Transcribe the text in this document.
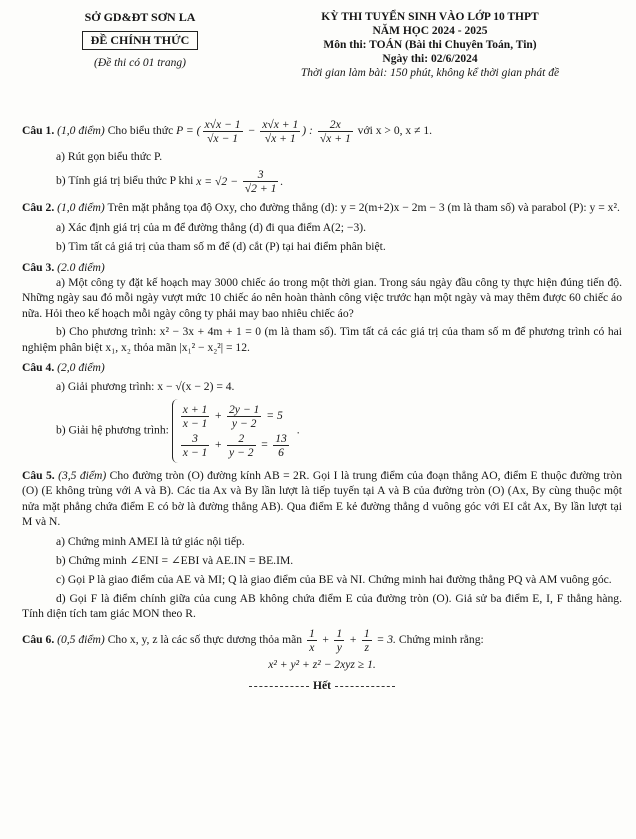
SỞ GD&ĐT SƠN LA
ĐỀ CHÍNH THỨC
(Đề thi có 01 trang)
KỲ THI TUYỂN SINH VÀO LỚP 10 THPT
NĂM HỌC 2024 - 2025
Môn thi: TOÁN (Bài thi Chuyên Toán, Tin)
Ngày thi: 02/6/2024
Thời gian làm bài: 150 phút, không kể thời gian phát đề
Câu 1. (1,0 điểm) Cho biểu thức P = ( $\frac{x√x - 1}{√x - 1} - \frac{x√x + 1}{√x + 1}$ ) : $\frac{2x}{√x + 1}$ với x > 0, x ≠ 1.
a) Rút gọn biểu thức P.
b) Tính giá trị biểu thức P khi $x = √2 - \frac{3}{√2 + 1}$ .
Câu 2. (1,0 điểm) Trên mặt phẳng tọa độ Oxy, cho đường thẳng (d): y = 2(m+2)x − 2m − 3 (m là tham số) và parabol (P): y = x².
a) Xác định giá trị của m để đường thẳng (d) đi qua điểm A(2; −3).
b) Tìm tất cả giá trị của tham số m để (d) cắt (P) tại hai điểm phân biệt.
Câu 3. (2.0 điểm)
a) Một công ty đặt kế hoạch may 3000 chiếc áo trong một thời gian. Trong sáu ngày đầu công ty thực hiện đúng tiến độ. Những ngày sau đó mỗi ngày vượt mức 10 chiếc áo nên hoàn thành công việc trước hạn một ngày và may thêm được 60 chiếc áo nữa. Hỏi theo kế hoạch mỗi ngày công ty phải may bao nhiêu chiếc áo?
b) Cho phương trình: x² − 3x + 4m + 1 = 0 (m là tham số). Tìm tất cả các giá trị của tham số m để phương trình có hai nghiệm phân biệt x₁, x₂ thỏa mãn |x₁² − x₂²| = 12.
Câu 4. (2,0 điểm)
a) Giải phương trình: x − √(x − 2) = 4.
b) Giải hệ phương trình:
$\frac{x + 1}{x - 1} + \frac{2y - 1}{y - 2} = 5$
$\frac{3}{x - 1} + \frac{2}{y - 2} = \frac{13}{6}$
.
Câu 5. (3,5 điểm) Cho đường tròn (O) đường kính AB = 2R. Gọi I là trung điểm của đoạn thẳng AO, điểm E thuộc đường tròn (O) (E không trùng với A và B). Các tia Ax và By lần lượt là tiếp tuyến tại A và B của đường tròn (O) (Ax, By cùng thuộc một nửa mặt phẳng chứa điểm E có bờ là đường thẳng AB). Qua điểm E kẻ đường thẳng d vuông góc với EI cắt Ax, By lần lượt tại M và N.
a) Chứng minh AMEI là tứ giác nội tiếp.
b) Chứng minh ∠ENI = ∠EBI và AE.IN = BE.IM.
c) Gọi P là giao điểm của AE và MI; Q là giao điểm của BE và NI. Chứng minh hai đường thẳng PQ và AM vuông góc.
d) Gọi F là điểm chính giữa của cung AB không chứa điểm E của đường tròn (O). Giả sử ba điểm E, I, F thẳng hàng. Tính diện tích tam giác MON theo R.
Câu 6. (0,5 điểm) Cho x, y, z là các số thực dương thỏa mãn $\frac{1}{x} + \frac{1}{y} + \frac{1}{z} = 3$. Chứng minh rằng:
x² + y² + z² − 2xyz ≥ 1.
Hết
